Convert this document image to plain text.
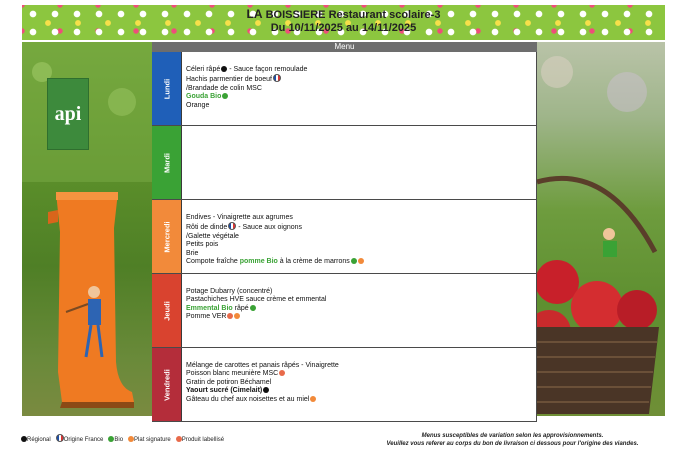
LA BOISSIERE Restaurant scolaire-3
Du 10/11/2025 au 14/11/2025
api
Menu
Lundi
Céleri râpé - Sauce façon remoulade
Hachis parmentier de boeuf
/Brandade de colin MSC
Gouda Bio
Orange
Mardi
Mercredi
Endives - Vinaigrette aux agrumes
Rôti de dinde - Sauce aux oignons
/Galette végétale
Petits pois
Brie
Compote fraîche pomme Bio à la crème de marrons
Jeudi
Potage Dubarry (concentré)
Pastachiches HVE sauce crème et emmental
Emmental Bio râpé
Pomme VER
Vendredi
Mélange de carottes et panais râpés - Vinaigrette
Poisson blanc meunière MSC
Gratin de potiron Béchamel
Yaourt sucré (Cimelait)
Gâteau du chef aux noisettes et au miel
Régional Origine France Bio Plat signature Produit labellisé
Menus susceptibles de variation selon les approvisionnements.
Veuillez vous referer au corps du bon de livraison ci dessous pour l'origine des viandes.
